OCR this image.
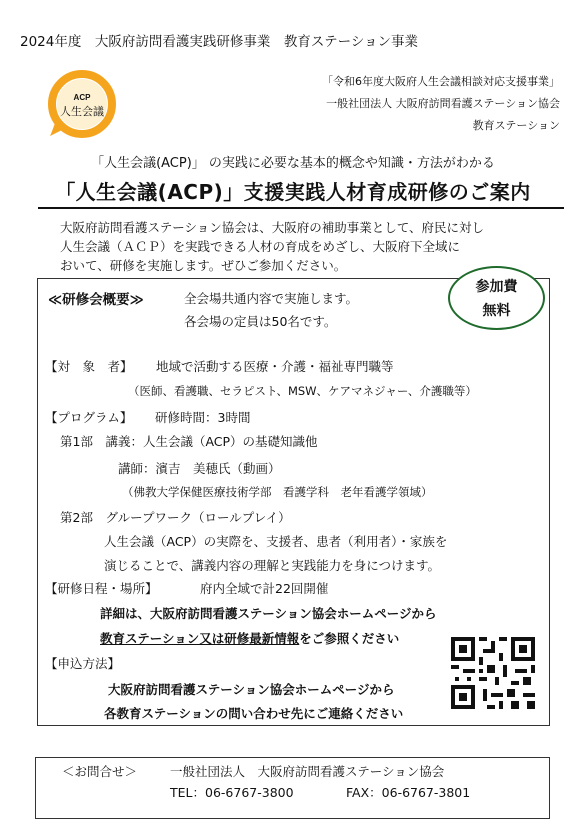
2024年度　大阪府訪問看護実践研修事業　教育ステーション事業
ACP
人生会議
「令和6年度大阪府人生会議相談対応支援事業」
一般社団法人 大阪府訪問看護ステーション協会
教育ステーション
「人生会議(ACP)」 の実践に必要な基本的概念や知識・方法がわかる
「人生会議(ACP)」支援実践人材育成研修のご案内
大阪府訪問看護ステーション協会は、大阪府の補助事業として、府民に対し
人生会議（ＡＣＰ）を実践できる人材の育成をめざし、大阪府下全域に
おいて、研修を実施します。ぜひご参加ください。
参加費
無料
≪研修会概要≫	全会場共通内容で実施します。
各会場の定員は50名です。
【対　象　者】 地域で活動する医療・介護・福祉専門職等
（医師、看護職、セラピスト、MSW、ケアマネジャー、介護職等）
【プログラム】 研修時間：3時間
第1部　講義：人生会議（ACP）の基礎知識他
講師：濱吉　美穂氏（動画）
（佛教大学保健医療技術学部　看護学科　老年看護学領域）
第2部　グループワーク（ロールプレイ）
人生会議（ACP）の実際を、支援者、患者（利用者）・家族を
演じることで、講義内容の理解と実践能力を身につけます。
【研修日程・場所】	府内全域で計22回開催
詳細は、大阪府訪問看護ステーション協会ホームページから
教育ステーション又は研修最新情報をご参照ください
【申込方法】
大阪府訪問看護ステーション協会ホームページから
各教育ステーションの問い合わせ先にご連絡ください
＜お問合せ＞	一般社団法人　大阪府訪問看護ステーション協会
TEL：06-6767-3800	FAX：06-6767-3801
